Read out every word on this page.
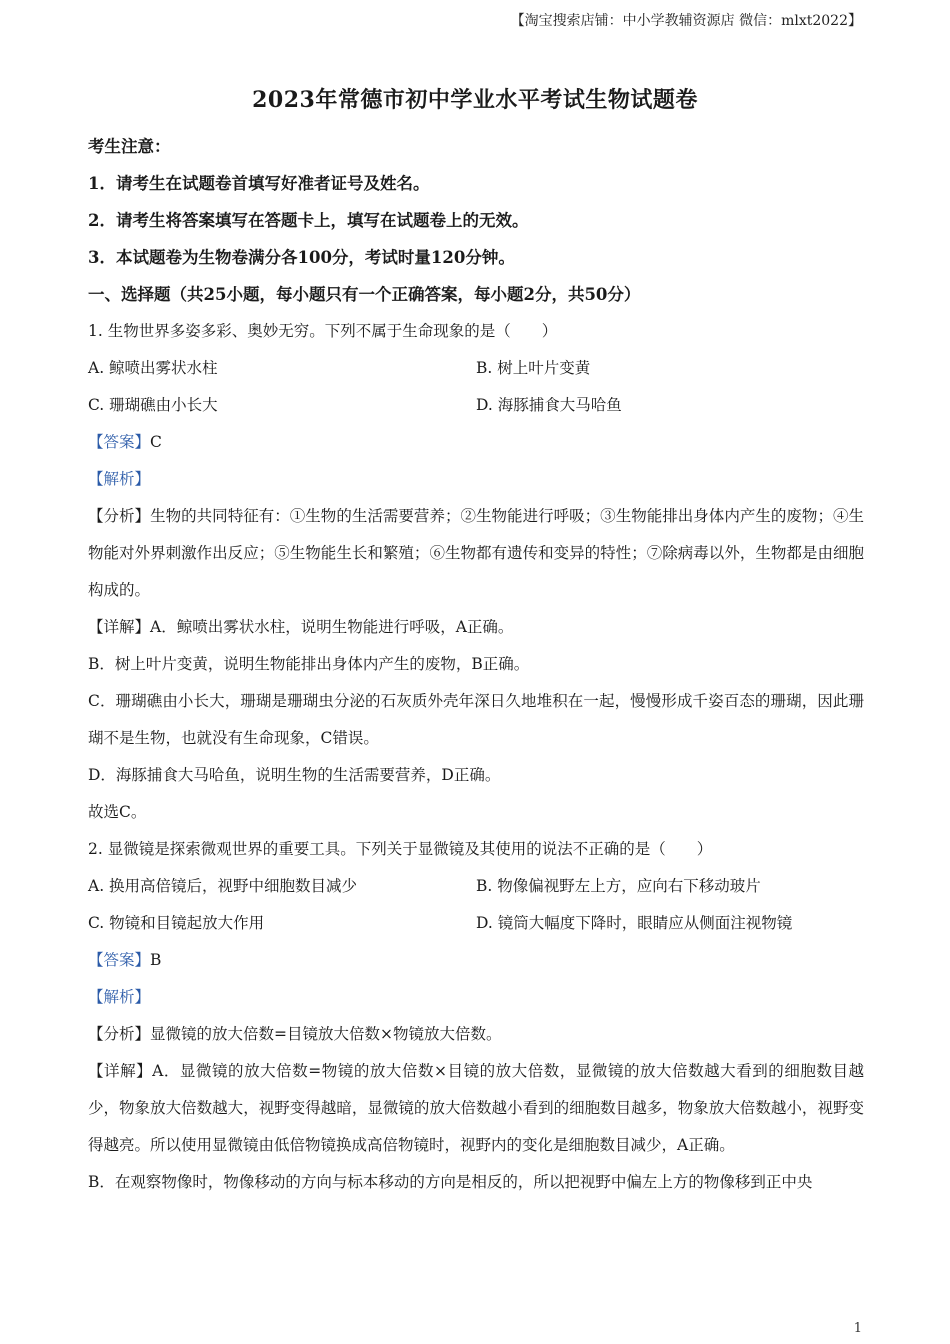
【淘宝搜索店铺：中小学教辅资源店 微信：mlxt2022】
2023年常德市初中学业水平考试生物试题卷
考生注意：
1．请考生在试题卷首填写好准者证号及姓名。
2．请考生将答案填写在答题卡上，填写在试题卷上的无效。
3．本试题卷为生物卷满分各100分，考试时量120分钟。
一、选择题（共25小题，每小题只有一个正确答案，每小题2分，共50分）
1. 生物世界多姿多彩、奥妙无穷。下列不属于生命现象的是（　　）
A. 鲸喷出雾状水柱	B. 树上叶片变黄
C. 珊瑚礁由小长大	D. 海豚捕食大马哈鱼
【答案】C
【解析】
【分析】生物的共同特征有：①生物的生活需要营养；②生物能进行呼吸；③生物能排出身体内产生的废物；④生物能对外界刺激作出反应；⑤生物能生长和繁殖；⑥生物都有遗传和变异的特性；⑦除病毒以外，生物都是由细胞构成的。
【详解】A．鲸喷出雾状水柱，说明生物能进行呼吸，A正确。
B．树上叶片变黄，说明生物能排出身体内产生的废物，B正确。
C．珊瑚礁由小长大，珊瑚是珊瑚虫分泌的石灰质外壳年深日久地堆积在一起，慢慢形成千姿百态的珊瑚，因此珊瑚不是生物，也就没有生命现象，C错误。
D．海豚捕食大马哈鱼，说明生物的生活需要营养，D正确。
故选C。
2. 显微镜是探索微观世界的重要工具。下列关于显微镜及其使用的说法不正确的是（　　）
A. 换用高倍镜后，视野中细胞数目减少	B. 物像偏视野左上方，应向右下移动玻片
C. 物镜和目镜起放大作用	D. 镜筒大幅度下降时，眼睛应从侧面注视物镜
【答案】B
【解析】
【分析】显微镜的放大倍数=目镜放大倍数×物镜放大倍数。
【详解】A．显微镜的放大倍数=物镜的放大倍数×目镜的放大倍数，显微镜的放大倍数越大看到的细胞数目越少，物象放大倍数越大，视野变得越暗，显微镜的放大倍数越小看到的细胞数目越多，物象放大倍数越小，视野变得越亮。所以使用显微镜由低倍物镜换成高倍物镜时，视野内的变化是细胞数目减少，A正确。
B．在观察物像时，物像移动的方向与标本移动的方向是相反的，所以把视野中偏左上方的物像移到正中央
1
